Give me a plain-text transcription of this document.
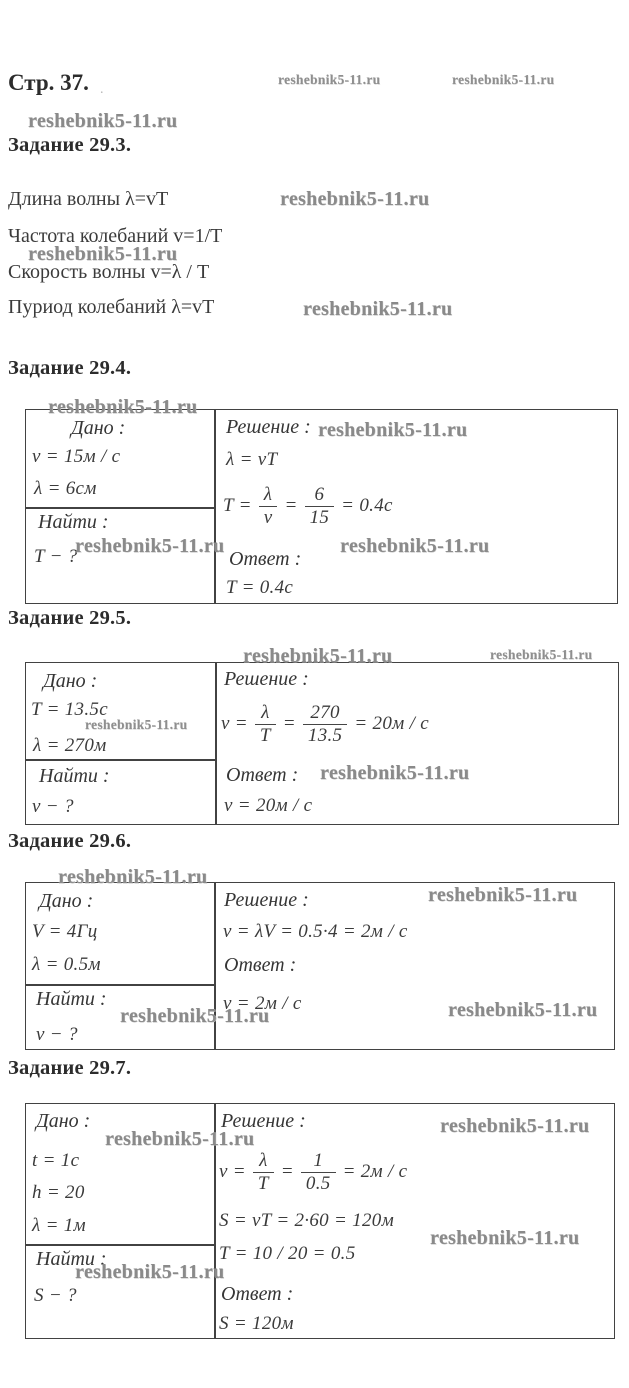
Стр. 37. .
reshebnik5-11.ru	reshebnik5-11.ru
reshebnik5-11.ru
reshebnik5-11.ru
reshebnik5-11.ru
reshebnik5-11.ru
reshebnik5-11.ru
reshebnik5-11.ru
reshebnik5-11.ru	reshebnik5-11.ru
reshebnik5-11.ru	reshebnik5-11.ru
reshebnik5-11.ru
reshebnik5-11.ru
reshebnik5-11.ru
reshebnik5-11.ru
reshebnik5-11.ru	reshebnik5-11.ru
reshebnik5-11.ru
reshebnik5-11.ru
reshebnik5-11.ru
reshebnik5-11.ru
Задание 29.3.
Длина волны λ=vT
Частота колебаний v=1/T
Скорость волны v=λ / T
Пуриод колебаний λ=vT
Задание 29.4.
Дано :
v = 15м / с
λ = 6см
Найти :
T − ?
Решение :
λ = vT
$T = \frac{\lambda}{v} = \frac{6}{15} = 0.4c$
Ответ :
T = 0.4c
Задание 29.5.
Дано :
T = 13.5c
λ = 270м
Найти :
v − ?
Решение :
$v = \frac{\lambda}{T} = \frac{270}{13.5} = 20м / с$
Ответ :
v = 20м / с
Задание 29.6.
Дано :
V = 4Гц
λ = 0.5м
Найти :
v − ?
Решение :
v = λV = 0.5·4 = 2м / с
Ответ :
v = 2м / с
Задание 29.7.
Дано :
t = 1c
h = 20
λ = 1м
Найти :
S − ?
Решение :
$v = \frac{\lambda}{T} = \frac{1}{0.5} = 2м / с$
S = vT = 2·60 = 120м
T = 10 / 20 = 0.5
Ответ :
S = 120м
